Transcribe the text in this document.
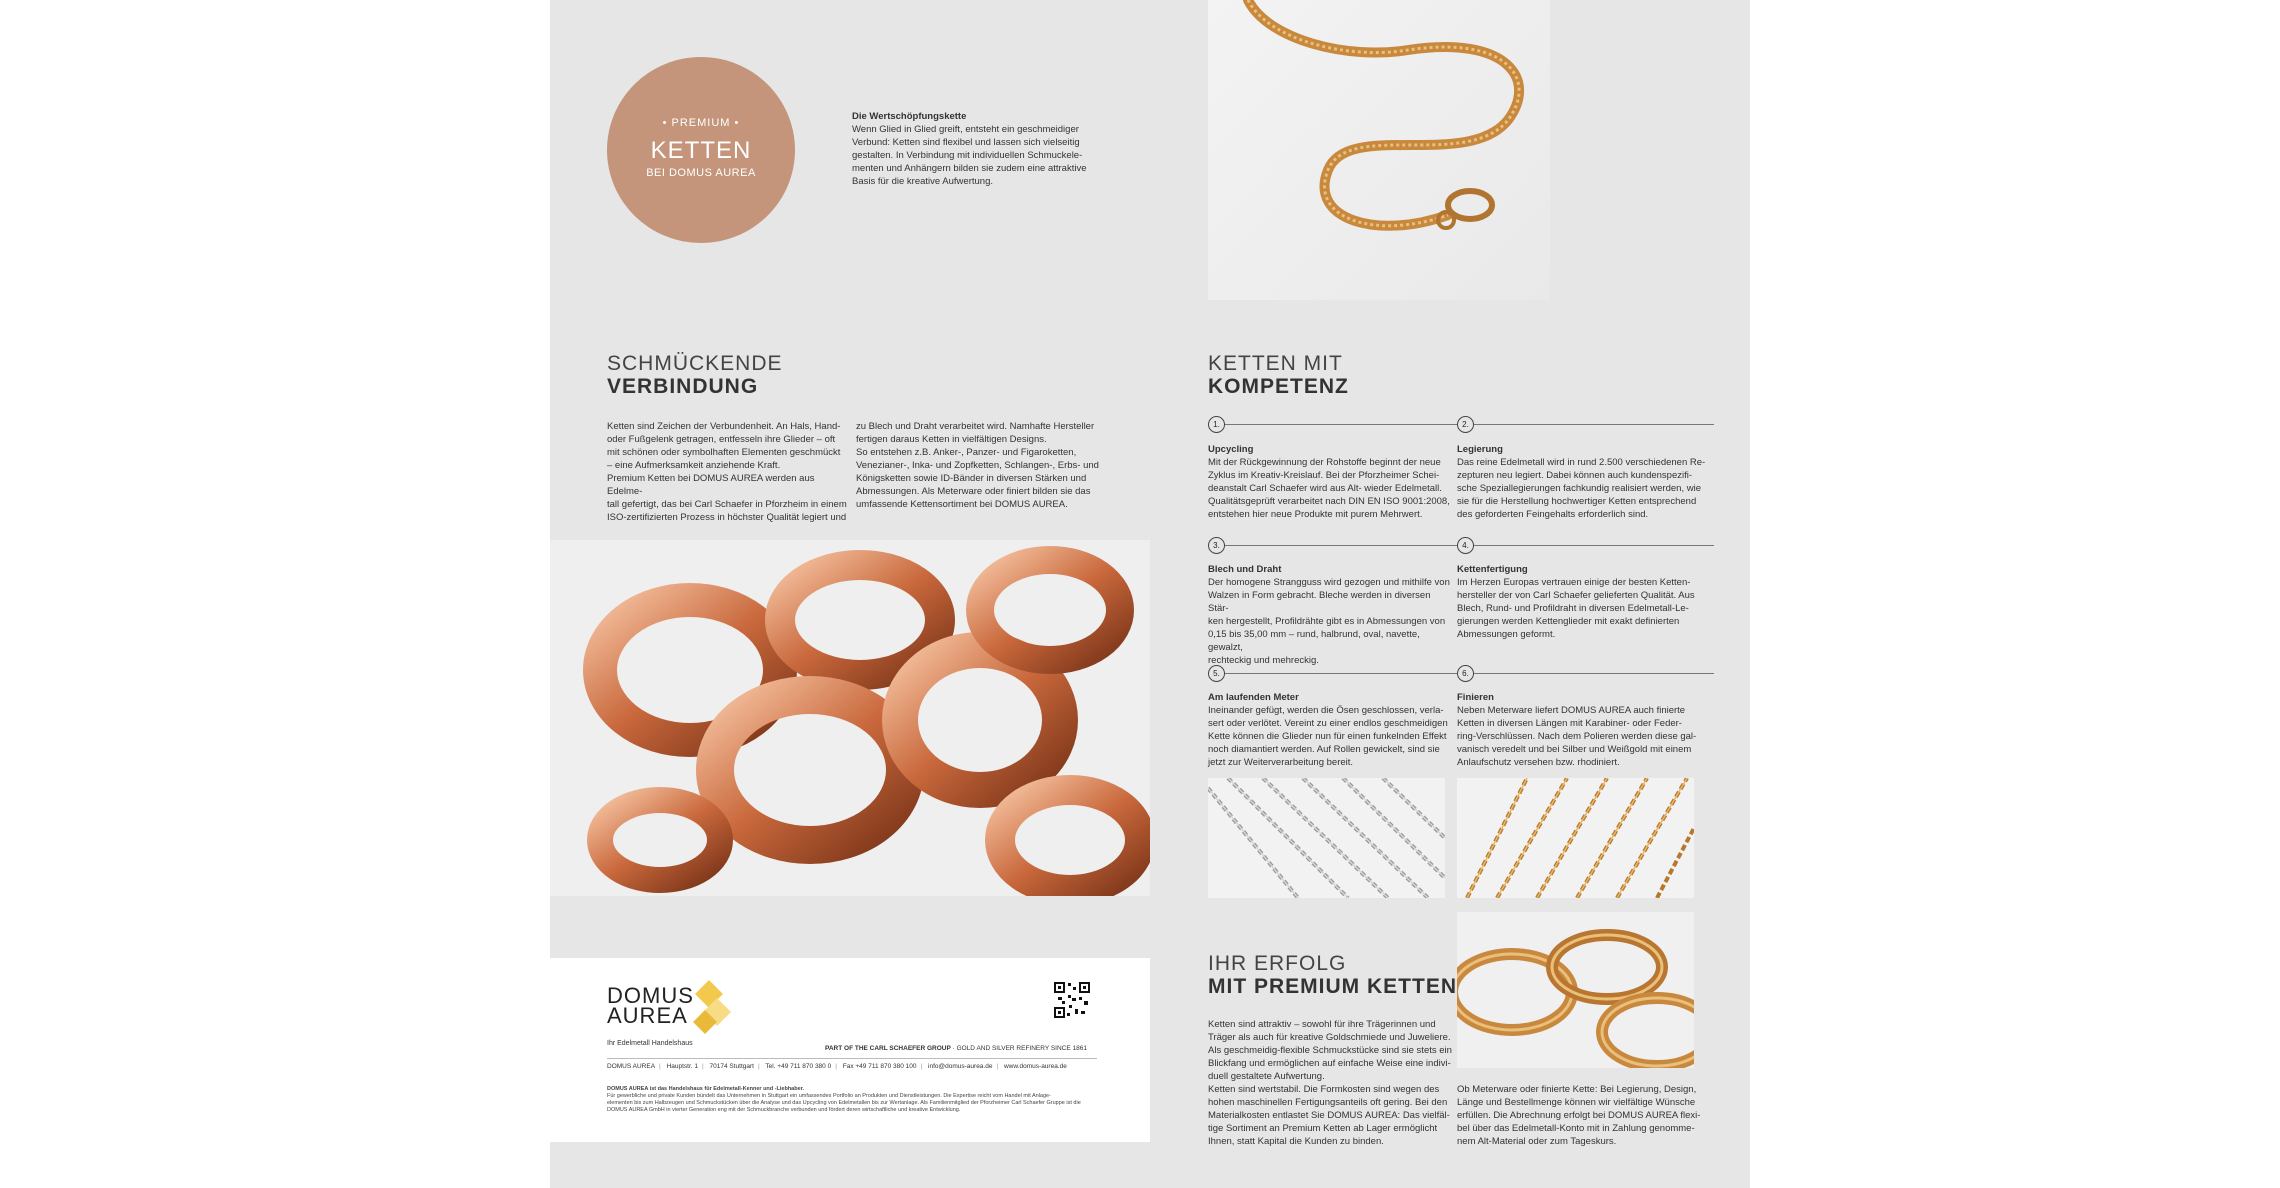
• PREMIUM •
KETTEN
BEI DOMUS AUREA
Die Wertschöpfungskette
Wenn Glied in Glied greift, entsteht ein geschmeidiger
Verbund: Ketten sind flexibel und lassen sich vielseitig
gestalten. In Verbindung mit individuellen Schmuckele-
menten und Anhängern bilden sie zudem eine attraktive
Basis für die kreative Aufwertung.
SCHMÜCKENDE
VERBINDUNG
Ketten sind Zeichen der Verbundenheit. An Hals, Hand-
oder Fußgelenk getragen, entfesseln ihre Glieder – oft
mit schönen oder symbolhaften Elementen geschmückt
– eine Aufmerksamkeit anziehende Kraft.
Premium Ketten bei DOMUS AUREA werden aus Edelme-
tall gefertigt, das bei Carl Schaefer in Pforzheim in einem
ISO-zertifizierten Prozess in höchster Qualität legiert und
zu Blech und Draht verarbeitet wird. Namhafte Hersteller
fertigen daraus Ketten in vielfältigen Designs.
So entstehen z.B. Anker-, Panzer- und Figaroketten,
Venezianer-, Inka- und Zopfketten, Schlangen-, Erbs- und
Königsketten sowie ID-Bänder in diversen Stärken und
Abmessungen. Als Meterware oder finiert bilden sie das
umfassende Kettensortiment bei DOMUS AUREA.
DOMUS
AUREA
Ihr Edelmetall Handelshaus
PART OF THE CARL SCHAEFER GROUP · GOLD AND SILVER REFINERY SINCE 1861
DOMUS AUREA | Hauptstr. 1 | 70174 Stuttgart | Tel. +49 711 870 380 0 | Fax +49 711 870 380 100 | info@domus-aurea.de | www.domus-aurea.de
DOMUS AUREA ist das Handelshaus für Edelmetall-Kenner und -Liebhaber.
Für gewerbliche und private Kunden bündelt das Unternehmen in Stuttgart ein umfassendes Portfolio an Produkten und Dienstleistungen. Die Expertise reicht vom Handel mit Anlage-
elementen bis zum Halbzeugen und Schmuckstücken über die Analyse und das Upcycling von Edelmetallen bis zur Wertanlage. Als Familienmitglied der Pforzheimer Carl Schaefer Gruppe ist die
DOMUS AUREA GmbH in vierter Generation eng mit der Schmuckbranche verbunden und fördert deren wirtschaftliche und kreative Entwicklung.
KETTEN MIT
KOMPETENZ
1.	2.
3.	4.
5.	6.
Upcycling
Mit der Rückgewinnung der Rohstoffe beginnt der neue
Zyklus im Kreativ-Kreislauf. Bei der Pforzheimer Schei-
deanstalt Carl Schaefer wird aus Alt- wieder Edelmetall.
Qualitätsgeprüft verarbeitet nach DIN EN ISO 9001:2008,
entstehen hier neue Produkte mit purem Mehrwert.
Legierung
Das reine Edelmetall wird in rund 2.500 verschiedenen Re-
zepturen neu legiert. Dabei können auch kundenspezifi-
sche Speziallegierungen fachkundig realisiert werden, wie
sie für die Herstellung hochwertiger Ketten entsprechend
des geforderten Feingehalts erforderlich sind.
Blech und Draht
Der homogene Strangguss wird gezogen und mithilfe von
Walzen in Form gebracht. Bleche werden in diversen Stär-
ken hergestellt, Profildrähte gibt es in Abmessungen von
0,15 bis 35,00 mm – rund, halbrund, oval, navette, gewalzt,
rechteckig und mehreckig.
Kettenfertigung
Im Herzen Europas vertrauen einige der besten Ketten-
hersteller der von Carl Schaefer gelieferten Qualität. Aus
Blech, Rund- und Profildraht in diversen Edelmetall-Le-
gierungen werden Kettenglieder mit exakt definierten
Abmessungen geformt.
Am laufenden Meter
Ineinander gefügt, werden die Ösen geschlossen, verla-
sert oder verlötet. Vereint zu einer endlos geschmeidigen
Kette können die Glieder nun für einen funkelnden Effekt
noch diamantiert werden. Auf Rollen gewickelt, sind sie
jetzt zur Weiterverarbeitung bereit.
Finieren
Neben Meterware liefert DOMUS AUREA auch finierte
Ketten in diversen Längen mit Karabiner- oder Feder-
ring-Verschlüssen. Nach dem Polieren werden diese gal-
vanisch veredelt und bei Silber und Weißgold mit einem
Anlaufschutz versehen bzw. rhodiniert.
IHR ERFOLG
MIT PREMIUM KETTEN
Ketten sind attraktiv – sowohl für ihre Trägerinnen und
Träger als auch für kreative Goldschmiede und Juweliere.
Als geschmeidig-flexible Schmuckstücke sind sie stets ein
Blickfang und ermöglichen auf einfache Weise eine indivi-
duell gestaltete Aufwertung.
Ketten sind wertstabil. Die Formkosten sind wegen des
hohen maschinellen Fertigungsanteils oft gering. Bei den
Materialkosten entlastet Sie DOMUS AUREA: Das vielfäl-
tige Sortiment an Premium Ketten ab Lager ermöglicht
Ihnen, statt Kapital die Kunden zu binden.
Ob Meterware oder finierte Kette: Bei Legierung, Design,
Länge und Bestellmenge können wir vielfältige Wünsche
erfüllen. Die Abrechnung erfolgt bei DOMUS AUREA flexi-
bel über das Edelmetall-Konto mit in Zahlung genomme-
nem Alt-Material oder zum Tageskurs.
